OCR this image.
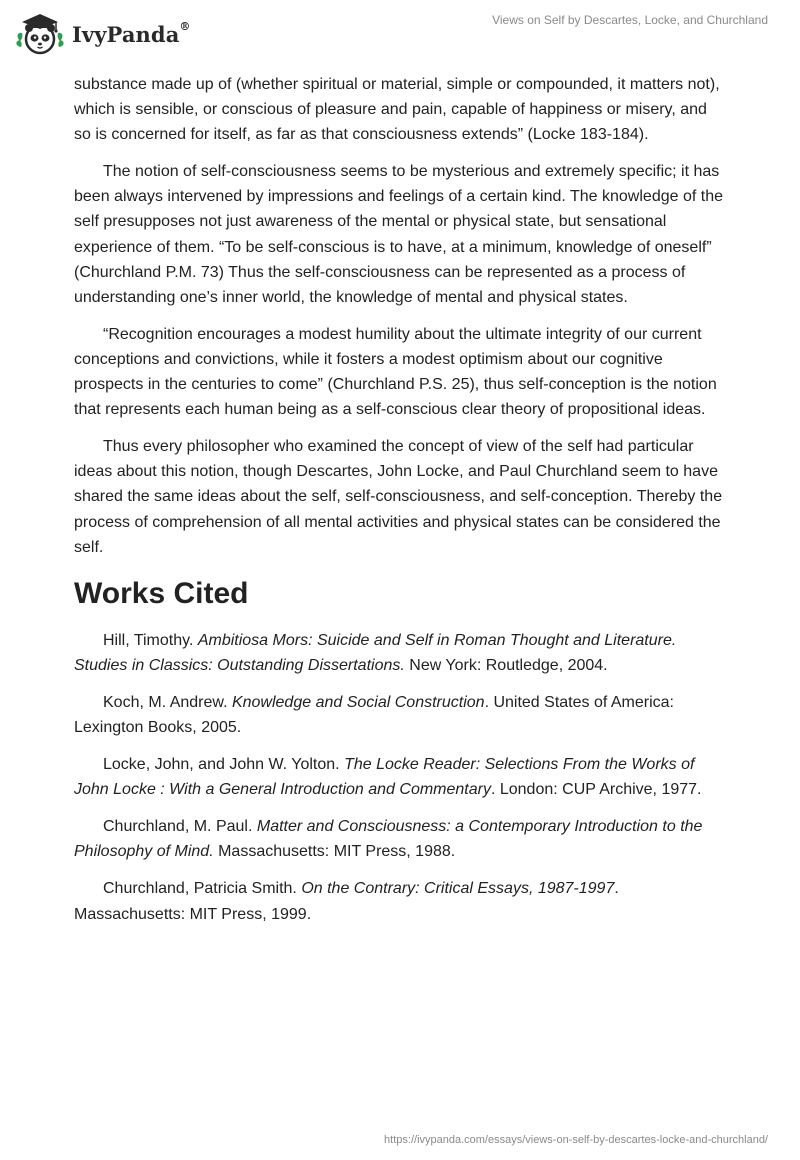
IvyPanda®	Views on Self by Descartes, Locke, and Churchland

substance made up of (whether spiritual or material, simple or compounded, it matters not), which is sensible, or conscious of pleasure and pain, capable of happiness or misery, and so is concerned for itself, as far as that consciousness extends” (Locke 183-184).

The notion of self-consciousness seems to be mysterious and extremely specific; it has been always intervened by impressions and feelings of a certain kind. The knowledge of the self presupposes not just awareness of the mental or physical state, but sensational experience of them. “To be self-conscious is to have, at a minimum, knowledge of oneself” (Churchland P.M. 73) Thus the self-consciousness can be represented as a process of understanding one’s inner world, the knowledge of mental and physical states.

“Recognition encourages a modest humility about the ultimate integrity of our current conceptions and convictions, while it fosters a modest optimism about our cognitive prospects in the centuries to come” (Churchland P.S. 25), thus self-conception is the notion that represents each human being as a self-conscious clear theory of propositional ideas.

Thus every philosopher who examined the concept of view of the self had particular ideas about this notion, though Descartes, John Locke, and Paul Churchland seem to have shared the same ideas about the self, self-consciousness, and self-conception. Thereby the process of comprehension of all mental activities and physical states can be considered the self.

Works Cited
Hill, Timothy. Ambitiosa Mors: Suicide and Self in Roman Thought and Literature. Studies in Classics: Outstanding Dissertations. New York: Routledge, 2004.
Koch, M. Andrew. Knowledge and Social Construction. United States of America: Lexington Books, 2005.
Locke, John, and John W. Yolton. The Locke Reader: Selections From the Works of John Locke : With a General Introduction and Commentary. London: CUP Archive, 1977.
Churchland, M. Paul. Matter and Consciousness: a Contemporary Introduction to the Philosophy of Mind. Massachusetts: MIT Press, 1988.
Churchland, Patricia Smith. On the Contrary: Critical Essays, 1987-1997. Massachusetts: MIT Press, 1999.
https://ivypanda.com/essays/views-on-self-by-descartes-locke-and-churchland/
